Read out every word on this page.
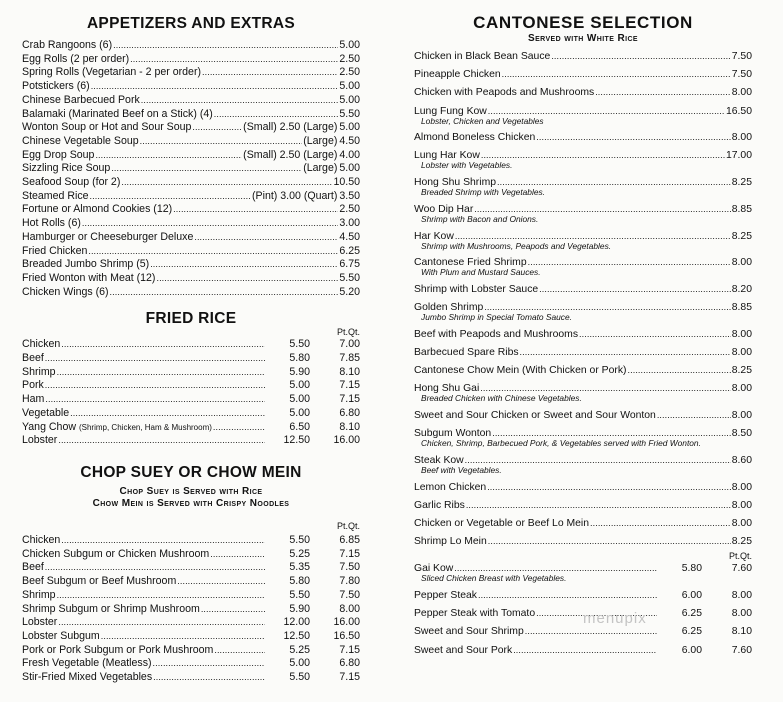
APPETIZERS AND EXTRAS
Crab Rangoons (6) . . .	5.00
Egg Rolls (2 per order) . . .	2.50
Spring Rolls (Vegetarian - 2 per order) . . .	2.50
Potstickers (6) . . .	5.00
Chinese Barbecued Pork . . .	5.00
Balamaki (Marinated Beef on a Stick) (4) . . .	5.50
Wonton Soup or Hot and Sour Soup . . .	(Small) 2.50 (Large) 5.00
Chinese Vegetable Soup . . .	(Large) 4.50
Egg Drop Soup . . .	(Small) 2.50 (Large) 4.00
Sizzling Rice Soup . . .	(Large) 5.00
Seafood Soup (for 2) . . .	10.50
Steamed Rice . . .	(Pint) 3.00 (Quart) 3.50
Fortune or Almond Cookies (12) . . .	2.50
Hot Rolls (6) . . .	3.00
Hamburger or Cheeseburger Deluxe . . .	4.50
Fried Chicken . . .	6.25
Breaded Jumbo Shrimp (5) . . .	6.75
Fried Wonton with Meat (12) . . .	5.50
Chicken Wings (6) . . .	5.20
FRIED RICE
Pt. Qt.
Chicken . . .	5.50	7.00
Beef . . .	5.80	7.85
Shrimp . . .	5.90	8.10
Pork . . .	5.00	7.15
Ham . . .	5.00	7.15
Vegetable . . .	5.00	6.80
Yang Chow (Shrimp, Chicken, Ham & Mushroom) . . .	6.50	8.10
Lobster . . .	12.50	16.00
CHOP SUEY OR CHOW MEIN
Chop Suey is Served with Rice
Chow Mein is Served with Crispy Noodles
Pt. Qt.
Chicken . . .	5.50	6.85
Chicken Subgum or Chicken Mushroom . . .	5.25	7.15
Beef . . .	5.35	7.50
Beef Subgum or Beef Mushroom . . .	5.80	7.80
Shrimp . . .	5.50	7.50
Shrimp Subgum or Shrimp Mushroom . . .	5.90	8.00
Lobster . . .	12.00	16.00
Lobster Subgum . . .	12.50	16.50
Pork or Pork Subgum or Pork Mushroom . . .	5.25	7.15
Fresh Vegetable (Meatless) . . .	5.00	6.80
Stir-Fried Mixed Vegetables . . .	5.50	7.15
CANTONESE SELECTION
Served with White Rice
Chicken in Black Bean Sauce . . .	7.50
Pineapple Chicken . . .	7.50
Chicken with Peapods and Mushrooms . . .	8.00
Lung Fung Kow . . .	16.50
Lobster, Chicken and Vegetables
Almond Boneless Chicken . . .	8.00
Lung Har Kow . . .	17.00
Lobster with Vegetables.
Hong Shu Shrimp . . .	8.25
Breaded Shrimp with Vegetables.
Woo Dip Har . . .	8.85
Shrimp with Bacon and Onions.
Har Kow . . .	8.25
Shrimp with Mushrooms, Peapods and Vegetables.
Cantonese Fried Shrimp . . .	8.00
With Plum and Mustard Sauces.
Shrimp with Lobster Sauce . . .	8.20
Golden Shrimp . . .	8.85
Jumbo Shrimp in Special Tomato Sauce.
Beef with Peapods and Mushrooms . . .	8.00
Barbecued Spare Ribs . . .	8.00
Cantonese Chow Mein (With Chicken or Pork) . . .	8.25
Hong Shu Gai . . .	8.00
Breaded Chicken with Chinese Vegetables.
Sweet and Sour Chicken or Sweet and Sour Wonton . . .	8.00
Subgum Wonton . . .	8.50
Chicken, Shrimp, Barbecued Pork, & Vegetables served with Fried Wonton.
Steak Kow . . .	8.60
Beef with Vegetables.
Lemon Chicken . . .	8.00
Garlic Ribs . . .	8.00
Chicken or Vegetable or Beef Lo Mein . . .	8.00
Shrimp Lo Mein . . .	8.25
Pt. Qt.
Gai Kow . . .	5.80	7.60
Sliced Chicken Breast with Vegetables.
Pepper Steak . . .	6.00	8.00
Pepper Steak with Tomato . . .	6.25	8.00
Sweet and Sour Shrimp . . .	6.25	8.10
Sweet and Sour Pork . . .	6.00	7.60
menupix
